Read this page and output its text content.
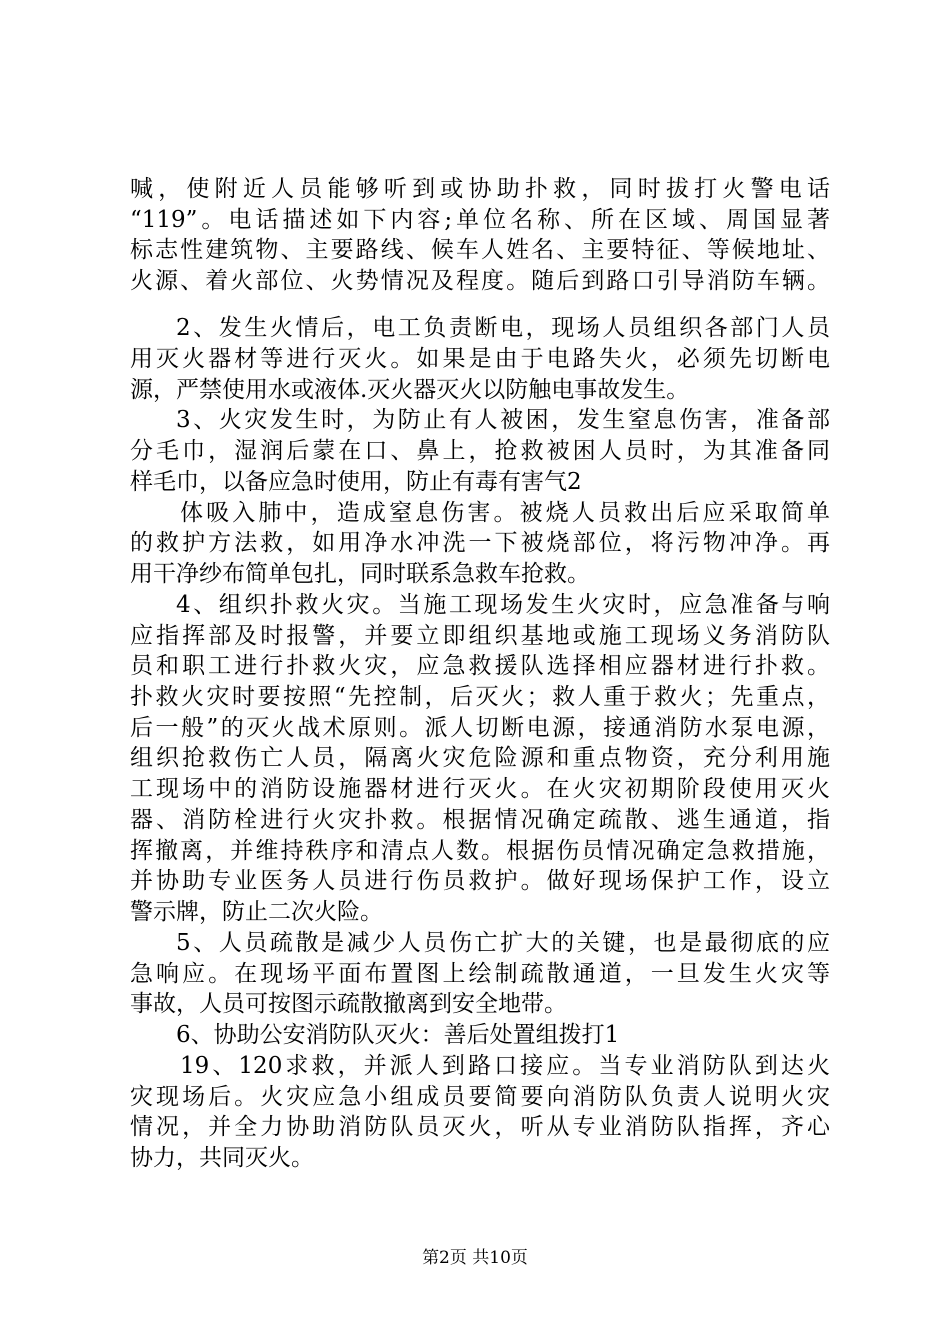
喊，使附近人员能够听到或协助扑救，同时拔打火警电话
“119”。电话描述如下内容;单位名称、所在区域、周国显著
标志性建筑物、主要路线、候车人姓名、主要特征、等候地址、
火源、着火部位、火势情况及程度。随后到路口引导消防车辆。
2、发生火情后，电工负责断电，现场人员组织各部门人员
用灭火器材等进行灭火。如果是由于电路失火，必须先切断电
源，严禁使用水或液体.灭火器灭火以防触电事故发生。
3、火灾发生时，为防止有人被困，发生窒息伤害，准备部
分毛巾，湿润后蒙在口、鼻上，抢救被困人员时，为其准备同
样毛巾，以备应急时使用，防止有毒有害气2
体吸入肺中，造成窒息伤害。被烧人员救出后应采取简单
的救护方法救，如用净水冲洗一下被烧部位，将污物冲净。再
用干净纱布简单包扎，同时联系急救车抢救。
4、组织扑救火灾。当施工现场发生火灾时，应急准备与响
应指挥部及时报警，并要立即组织基地或施工现场义务消防队
员和职工进行扑救火灾，应急救援队选择相应器材进行扑救。
扑救火灾时要按照“先控制，后灭火；救人重于救火；先重点，
后一般”的灭火战术原则。派人切断电源，接通消防水泵电源，
组织抢救伤亡人员，隔离火灾危险源和重点物资，充分利用施
工现场中的消防设施器材进行灭火。在火灾初期阶段使用灭火
器、消防栓进行火灾扑救。根据情况确定疏散、逃生通道，指
挥撤离，并维持秩序和清点人数。根据伤员情况确定急救措施，
并协助专业医务人员进行伤员救护。做好现场保护工作，设立
警示牌，防止二次火险。
5、人员疏散是减少人员伤亡扩大的关键，也是最彻底的应
急响应。在现场平面布置图上绘制疏散通道，一旦发生火灾等
事故，人员可按图示疏散撤离到安全地带。
6、协助公安消防队灭火：善后处置组拨打1
19、120求救，并派人到路口接应。当专业消防队到达火
灾现场后。火灾应急小组成员要简要向消防队负责人说明火灾
情况，并全力协助消防队员灭火，听从专业消防队指挥，齐心
协力，共同灭火。
第2页 共10页
